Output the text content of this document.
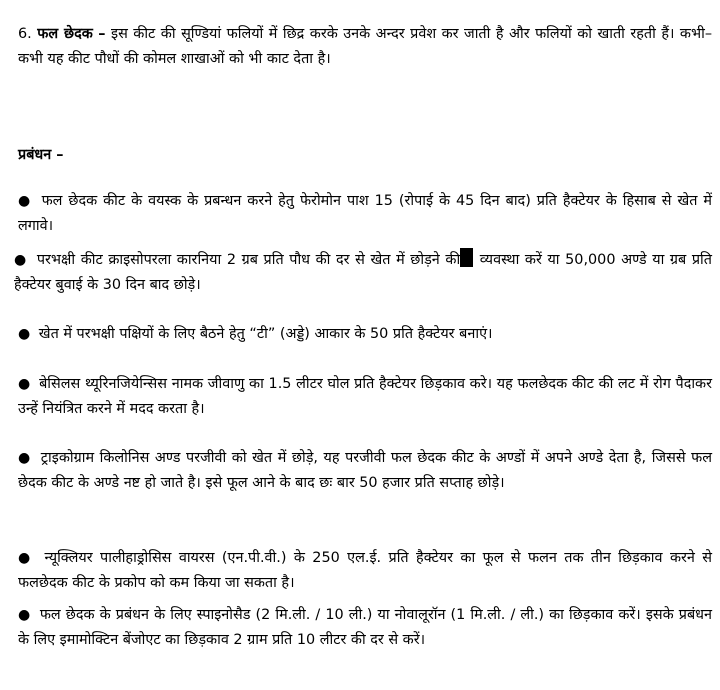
6. फल छेदक – इस कीट की सूण्डियां फलियों में छिद्र करके उनके अन्दर प्रवेश कर जाती है और फलियों को खाती रहती हैं। कभी–कभी यह कीट पौधों की कोमल शाखाओं को भी काट देता है।

प्रबंधन –

● फल छेदक कीट के वयस्क के प्रबन्धन करने हेतु फेरोमोन पाश 15 (रोपाई के 45 दिन बाद) प्रति हैक्टेयर के हिसाब से खेत में लगावे।

● परभक्षी कीट क्राइसोपरला कारनिया 2 ग्रब प्रति पौध की दर से खेत में छोड़ने की व्यवस्था करें या 50,000 अण्डे या ग्रब प्रति हैक्टेयर बुवाई के 30 दिन बाद छोड़े।

● खेत में परभक्षी पक्षियों के लिए बैठने हेतु “टी” (अड्डे) आकार के 50 प्रति हैक्टेयर बनाएं।

● बेसिलस थ्यूरिनजियेन्सिस नामक जीवाणु का 1.5 लीटर घोल प्रति हैक्टेयर छिड़काव करे। यह फलछेदक कीट की लट में रोग पैदाकर उन्हें नियंत्रित करने में मदद करता है।

● ट्राइकोग्राम किलोनिस अण्ड परजीवी को खेत में छोड़े, यह परजीवी फल छेदक कीट के अण्डों में अपने अण्डे देता है, जिससे फल छेदक कीट के अण्डे नष्ट हो जाते है। इसे फूल आने के बाद छः बार 50 हजार प्रति सप्ताह छोड़े।

● न्यूक्लियर पालीहाड्रोसिस वायरस (एन.पी.वी.) के 250 एल.ई. प्रति हैक्टेयर का फूल से फलन तक तीन छिड़काव करने से फलछेदक कीट के प्रकोप को कम किया जा सकता है।

● फल छेदक के प्रबंधन के लिए स्पाइनोसैड (2 मि.ली. / 10 ली.) या नोवालूरॉन (1 मि.ली. / ली.) का छिड़काव करें। इसके प्रबंधन के लिए इमामोक्टिन बेंजोएट का छिड़काव 2 ग्राम प्रति 10 लीटर की दर से करें।
